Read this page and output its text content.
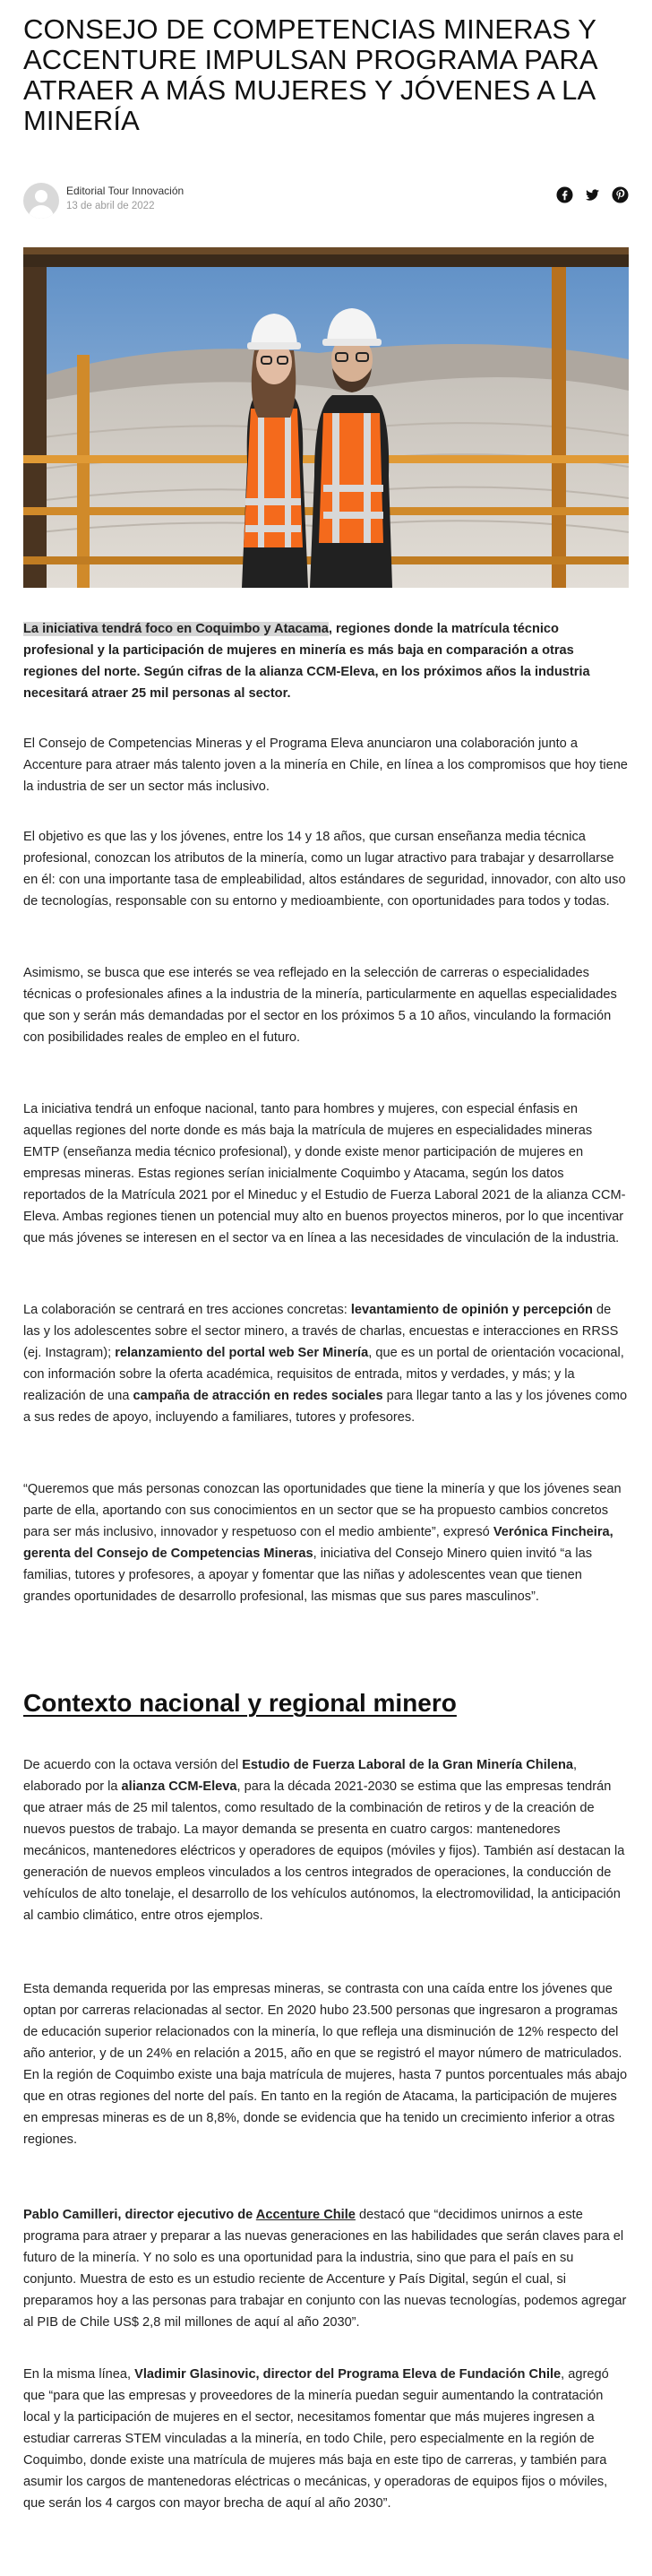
CONSEJO DE COMPETENCIAS MINERAS Y ACCENTURE IMPULSAN PROGRAMA PARA ATRAER A MÁS MUJERES Y JÓVENES A LA MINERÍA
Editorial Tour Innovación
13 de abril de 2022
La iniciativa tendrá foco en Coquimbo y Atacama, regiones donde la matrícula técnico profesional y la participación de mujeres en minería es más baja en comparación a otras regiones del norte. Según cifras de la alianza CCM-Eleva, en los próximos años la industria necesitará atraer 25 mil personas al sector.
El Consejo de Competencias Mineras y el Programa Eleva anunciaron una colaboración junto a Accenture para atraer más talento joven a la minería en Chile, en línea a los compromisos que hoy tiene la industria de ser un sector más inclusivo.
El objetivo es que las y los jóvenes, entre los 14 y 18 años, que cursan enseñanza media técnica profesional, conozcan los atributos de la minería, como un lugar atractivo para trabajar y desarrollarse en él: con una importante tasa de empleabilidad, altos estándares de seguridad, innovador, con alto uso de tecnologías, responsable con su entorno y medioambiente, con oportunidades para todos y todas.
Asimismo, se busca que ese interés se vea reflejado en la selección de carreras o especialidades técnicas o profesionales afines a la industria de la minería, particularmente en aquellas especialidades que son y serán más demandadas por el sector en los próximos 5 a 10 años, vinculando la formación con posibilidades reales de empleo en el futuro.
La iniciativa tendrá un enfoque nacional, tanto para hombres y mujeres, con especial énfasis en aquellas regiones del norte donde es más baja la matrícula de mujeres en especialidades mineras EMTP (enseñanza media técnico profesional), y donde existe menor participación de mujeres en empresas mineras. Estas regiones serían inicialmente Coquimbo y Atacama, según los datos reportados de la Matrícula 2021 por el Mineduc y el Estudio de Fuerza Laboral 2021 de la alianza CCM-Eleva. Ambas regiones tienen un potencial muy alto en buenos proyectos mineros, por lo que incentivar que más jóvenes se interesen en el sector va en línea a las necesidades de vinculación de la industria.
La colaboración se centrará en tres acciones concretas: levantamiento de opinión y percepción de las y los adolescentes sobre el sector minero, a través de charlas, encuestas e interacciones en RRSS (ej. Instagram); relanzamiento del portal web Ser Minería, que es un portal de orientación vocacional, con información sobre la oferta académica, requisitos de entrada, mitos y verdades, y más; y la realización de una campaña de atracción en redes sociales para llegar tanto a las y los jóvenes como a sus redes de apoyo, incluyendo a familiares, tutores y profesores.
“Queremos que más personas conozcan las oportunidades que tiene la minería y que los jóvenes sean parte de ella, aportando con sus conocimientos en un sector que se ha propuesto cambios concretos para ser más inclusivo, innovador y respetuoso con el medio ambiente”, expresó Verónica Fincheira, gerenta del Consejo de Competencias Mineras, iniciativa del Consejo Minero quien invitó “a las familias, tutores y profesores, a apoyar y fomentar que las niñas y adolescentes vean que tienen grandes oportunidades de desarrollo profesional, las mismas que sus pares masculinos”.
Contexto nacional y regional minero
De acuerdo con la octava versión del Estudio de Fuerza Laboral de la Gran Minería Chilena, elaborado por la alianza CCM-Eleva, para la década 2021-2030 se estima que las empresas tendrán que atraer más de 25 mil talentos, como resultado de la combinación de retiros y de la creación de nuevos puestos de trabajo. La mayor demanda se presenta en cuatro cargos: mantenedores mecánicos, mantenedores eléctricos y operadores de equipos (móviles y fijos). También así destacan la generación de nuevos empleos vinculados a los centros integrados de operaciones, la conducción de vehículos de alto tonelaje, el desarrollo de los vehículos autónomos, la electromovilidad, la anticipación al cambio climático, entre otros ejemplos.
Esta demanda requerida por las empresas mineras, se contrasta con una caída entre los jóvenes que optan por carreras relacionadas al sector. En 2020 hubo 23.500 personas que ingresaron a programas de educación superior relacionados con la minería, lo que refleja una disminución de 12% respecto del año anterior, y de un 24% en relación a 2015, año en que se registró el mayor número de matriculados. En la región de Coquimbo existe una baja matrícula de mujeres, hasta 7 puntos porcentuales más abajo que en otras regiones del norte del país. En tanto en la región de Atacama, la participación de mujeres en empresas mineras es de un 8,8%, donde se evidencia que ha tenido un crecimiento inferior a otras regiones.
Pablo Camilleri, director ejecutivo de Accenture Chile destacó que “decidimos unirnos a este programa para atraer y preparar a las nuevas generaciones en las habilidades que serán claves para el futuro de la minería. Y no solo es una oportunidad para la industria, sino que para el país en su conjunto. Muestra de esto es un estudio reciente de Accenture y País Digital, según el cual, si preparamos hoy a las personas para trabajar en conjunto con las nuevas tecnologías, podemos agregar al PIB de Chile US$ 2,8 mil millones de aquí al año 2030”.
En la misma línea, Vladimir Glasinovic, director del Programa Eleva de Fundación Chile, agregó que “para que las empresas y proveedores de la minería puedan seguir aumentando la contratación local y la participación de mujeres en el sector, necesitamos fomentar que más mujeres ingresen a estudiar carreras STEM vinculadas a la minería, en todo Chile, pero especialmente en la región de Coquimbo, donde existe una matrícula de mujeres más baja en este tipo de carreras, y también para asumir los cargos de mantenedoras eléctricas o mecánicas, y operadoras de equipos fijos o móviles, que serán los 4 cargos con mayor brecha de aquí al año 2030”.
